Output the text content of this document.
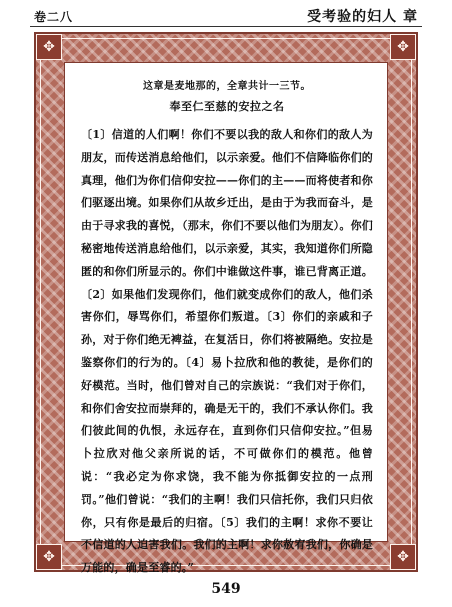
卷二八	受考验的妇人 章
✥	✥
✥	✥
这章是麦地那的，全章共计一三节。
奉至仁至慈的安拉之名

〔1〕信道的人们啊！你们不要以我的敌人和你们的敌人为朋友，而传送消息给他们，以示亲爱。他们不信降临你们的真理，他们为你们信仰安拉——你们的主——而将使者和你们驱逐出境。如果你们从故乡迁出，是由于为我而奋斗，是由于寻求我的喜悦，（那末，你们不要以他们为朋友）。你们秘密地传送消息给他们，以示亲爱，其实，我知道你们所隐匿的和你们所显示的。你们中谁做这件事，谁已背离正道。〔2〕如果他们发现你们，他们就变成你们的敌人，他们杀害你们，辱骂你们，希望你们叛道。〔3〕你们的亲戚和子孙，对于你们绝无裨益，在复活日，你们将被隔绝。安拉是鉴察你们的行为的。〔4〕易卜拉欣和他的教徒，是你们的好模范。当时，他们曾对自己的宗族说：“我们对于你们，和你们舍安拉而崇拜的，确是无干的，我们不承认你们。我们彼此间的仇恨，永远存在，直到你们只信仰安拉。”但易卜拉欣对他父亲所说的话，不可做你们的模范。他曾说：“我必定为你求饶，我不能为你抵御安拉的一点刑罚。”他们曾说：“我们的主啊！我们只信托你，我们只归依你，只有你是最后的归宿。〔5〕我们的主啊！求你不要让不信道的人迫害我们。我们的主啊！求你赦宥我们，你确是万能的，确是至睿的。”

549
